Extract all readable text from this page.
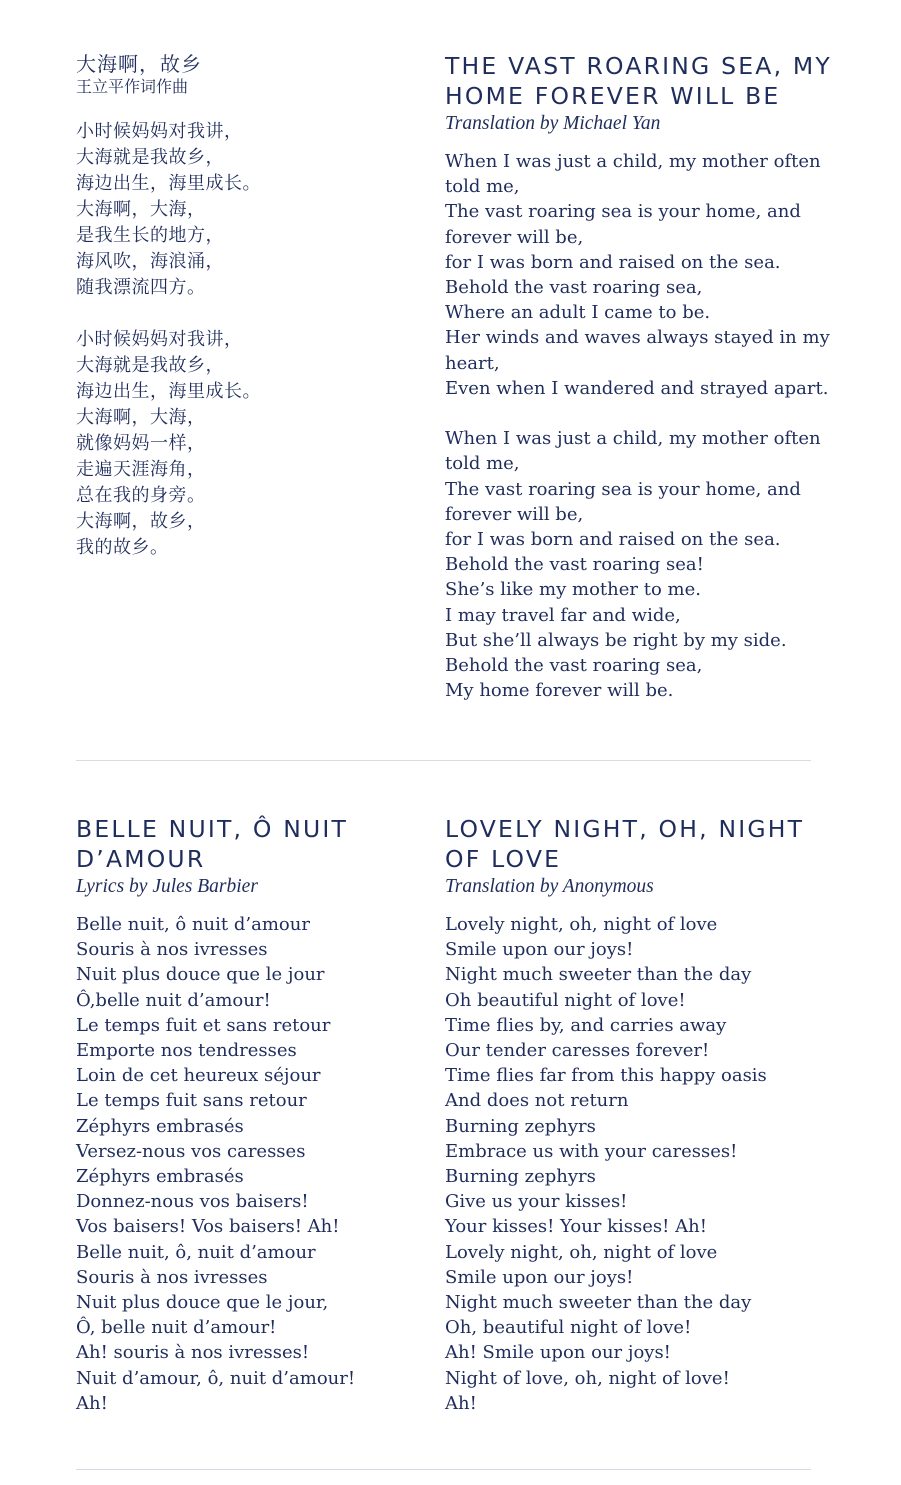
大海啊，故乡

王立平作词作曲

小时候妈妈对我讲，
大海就是我故乡，
海边出生，海里成长。
大海啊，大海，
是我生长的地方，
海风吹，海浪涌，
随我漂流四方。
小时候妈妈对我讲，
大海就是我故乡，
海边出生，海里成长。
大海啊，大海，
就像妈妈一样，
走遍天涯海角，
总在我的身旁。
大海啊，故乡，
我的故乡。
THE VAST ROARING SEA, MY HOME FOREVER WILL BE

Translation by Michael Yan

When I was just a child, my mother often told me,
The vast roaring sea is your home, and forever will be,
for I was born and raised on the sea.
Behold the vast roaring sea,
Where an adult I came to be.
Her winds and waves always stayed in my heart,
Even when I wandered and strayed apart.
When I was just a child, my mother often told me,
The vast roaring sea is your home, and forever will be,
for I was born and raised on the sea.
Behold the vast roaring sea!
She’s like my mother to me.
I may travel far and wide,
But she’ll always be right by my side.
Behold the vast roaring sea,
My home forever will be.
BELLE NUIT, Ô NUIT D’AMOUR

Lyrics by Jules Barbier

Belle nuit, ô nuit d’amour
Souris à nos ivresses
Nuit plus douce que le jour
Ô,belle nuit d’amour!
Le temps fuit et sans retour
Emporte nos tendresses
Loin de cet heureux séjour
Le temps fuit sans retour
Zéphyrs embrasés
Versez-nous vos caresses
Zéphyrs embrasés
Donnez-nous vos baisers!
Vos baisers! Vos baisers! Ah!
Belle nuit, ô, nuit d’amour
Souris à nos ivresses
Nuit plus douce que le jour,
Ô, belle nuit d’amour!
Ah! souris à nos ivresses!
Nuit d’amour, ô, nuit d’amour!
Ah!
LOVELY NIGHT, OH, NIGHT OF LOVE

Translation by Anonymous

Lovely night, oh, night of love
Smile upon our joys!
Night much sweeter than the day
Oh beautiful night of love!
Time flies by, and carries away
Our tender caresses forever!
Time flies far from this happy oasis
And does not return
Burning zephyrs
Embrace us with your caresses!
Burning zephyrs
Give us your kisses!
Your kisses! Your kisses! Ah!
Lovely night, oh, night of love
Smile upon our joys!
Night much sweeter than the day
Oh, beautiful night of love!
Ah! Smile upon our joys!
Night of love, oh, night of love!
Ah!
